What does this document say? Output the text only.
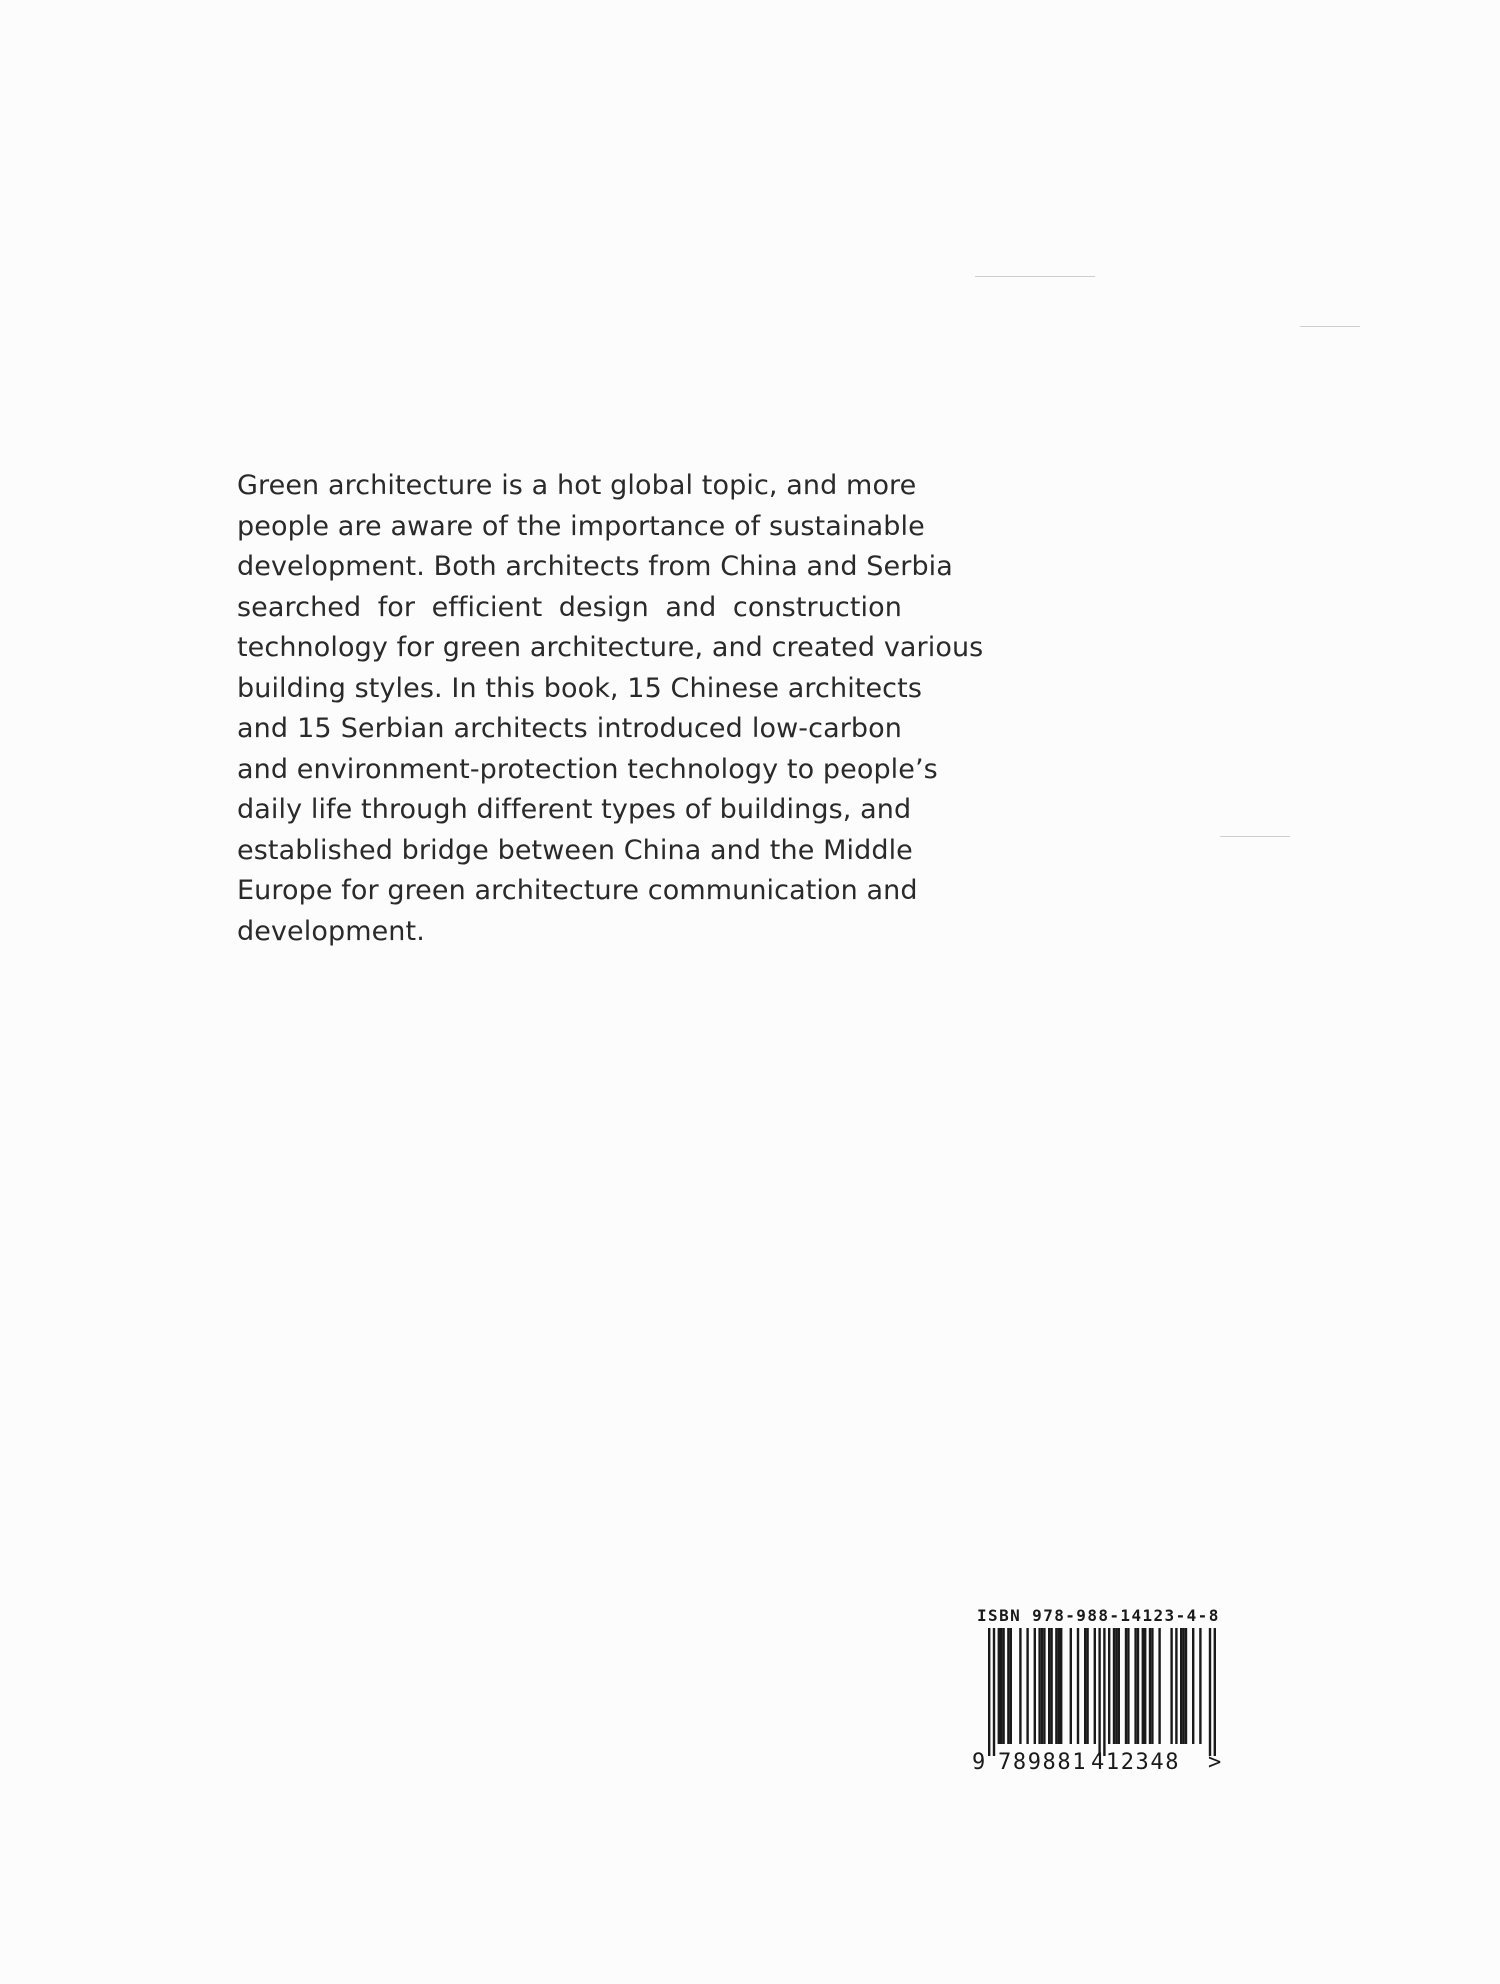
Green architecture is a hot global topic, and more
people are aware of the importance of sustainable
development. Both architects from China and Serbia
searched for efficient design and construction
technology for green architecture, and created various
building styles. In this book, 15 Chinese architects
and 15 Serbian architects introduced low-carbon
and environment-protection technology to people’s
daily life through different types of buildings, and
established bridge between China and the Middle
Europe for green architecture communication and
development.
ISBN 978-988-14123-4-8
9 789881 412348 >
